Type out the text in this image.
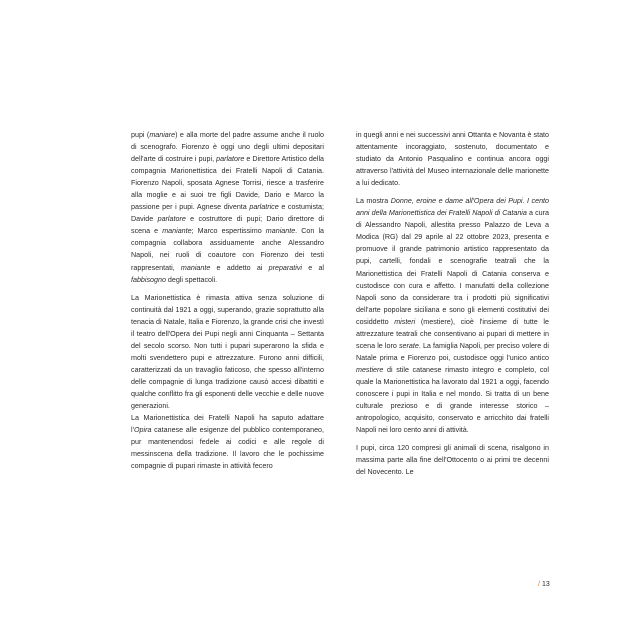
pupi (maniare) e alla morte del padre assume anche il ruolo di scenografo. Fiorenzo è oggi uno degli ultimi depositari dell'arte di costruire i pupi, parlatore e Direttore Artistico della compagnia Marionettistica dei Fratelli Napoli di Catania. Fiorenzo Napoli, sposata Agnese Torrisi, riesce a trasferire alla moglie e ai suoi tre figli Davide, Dario e Marco la passione per i pupi. Agnese diventa parlatrice e costumista; Davide parlatore e costruttore di pupi; Dario direttore di scena e maniante; Marco espertissimo maniante. Con la compagnia collabora assiduamente anche Alessandro Napoli, nei ruoli di coautore con Fiorenzo dei testi rappresentati, maniante e addetto ai preparativi e al fabbisogno degli spettacoli.

La Marionettistica è rimasta attiva senza soluzione di continuità dal 1921 a oggi, superando, grazie soprattutto alla tenacia di Natale, Italia e Fiorenzo, la grande crisi che investì il teatro dell'Opera dei Pupi negli anni Cinquanta – Settanta del secolo scorso. Non tutti i pupari superarono la sfida e molti svendettero pupi e attrezzature. Furono anni difficili, caratterizzati da un travaglio faticoso, che spesso all'interno delle compagnie di lunga tradizione causò accesi dibattiti e qualche conflitto fra gli esponenti delle vecchie e delle nuove generazioni.

La Marionettistica dei Fratelli Napoli ha saputo adattare l'Opira catanese alle esigenze del pubblico contemporaneo, pur mantenendosi fedele ai codici e alle regole di messinscena della tradizione. Il lavoro che le pochissime compagnie di pupari rimaste in attività fecero

in quegli anni e nei successivi anni Ottanta e Novanta è stato attentamente incoraggiato, sostenuto, documentato e studiato da Antonio Pasqualino e continua ancora oggi attraverso l'attività del Museo internazionale delle marionette a lui dedicato.

La mostra Donne, eroine e dame all'Opera dei Pupi. I cento anni della Marionettistica dei Fratelli Napoli di Catania a cura di Alessandro Napoli, allestita presso Palazzo de Leva a Modica (RG) dal 29 aprile al 22 ottobre 2023, presenta e promuove il grande patrimonio artistico rappresentato da pupi, cartelli, fondali e scenografie teatrali che la Marionettistica dei Fratelli Napoli di Catania conserva e custodisce con cura e affetto. I manufatti della collezione Napoli sono da considerare tra i prodotti più significativi dell'arte popolare siciliana e sono gli elementi costitutivi dei cosiddetto misteri (mestiere), cioè l'insieme di tutte le attrezzature teatrali che consentivano ai pupari di mettere in scena le loro serate. La famiglia Napoli, per preciso volere di Natale prima e Fiorenzo poi, custodisce oggi l'unico antico mestiere di stile catanese rimasto integro e completo, col quale la Marionettistica ha lavorato dal 1921 a oggi, facendo conoscere i pupi in Italia e nel mondo. Si tratta di un bene culturale prezioso e di grande interesse storico – antropologico, acquisito, conservato e arricchito dai fratelli Napoli nei loro cento anni di attività.

I pupi, circa 120 compresi gli animali di scena, risalgono in massima parte alla fine dell'Ottocento o ai primi tre decenni del Novecento. Le

/ 13
